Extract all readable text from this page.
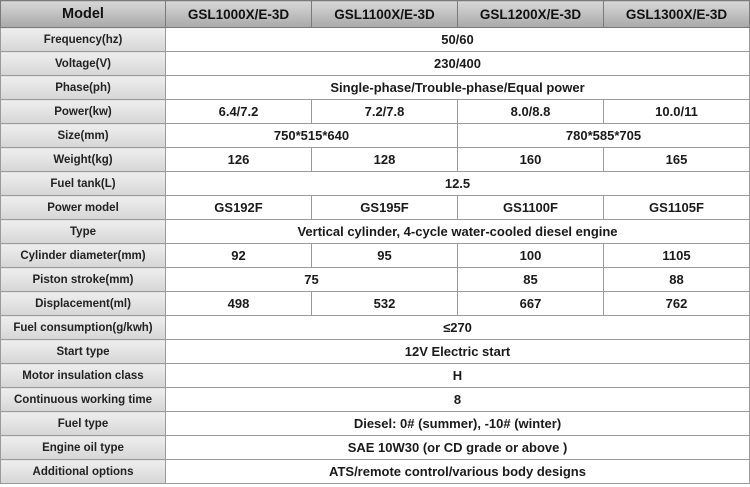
Model	GSL1000X/E-3D	GSL1100X/E-3D	GSL1200X/E-3D	GSL1300X/E-3D
Frequency(hz)	50/60			
Voltage(V)	230/400			
Phase(ph)	Single-phase/Trouble-phase/Equal power			
Power(kw)	6.4/7.2	7.2/7.8	8.0/8.8	10.0/11
Size(mm)	750*515*640		780*585*705	
Weight(kg)	126	128	160	165
Fuel tank(L)	12.5			
Power model	GS192F	GS195F	GS1100F	GS1105F
Type	Vertical cylinder, 4-cycle water-cooled diesel engine			
Cylinder diameter(mm)	92	95	100	1105
Piston stroke(mm)	75		85	88
Displacement(ml)	498	532	667	762
Fuel consumption(g/kwh)	≤270			
Start type	12V Electric start			
Motor insulation class	H			
Continuous working time	8			
Fuel type	Diesel: 0# (summer), -10# (winter)			
Engine oil type	SAE 10W30 (or CD grade or above )			
Additional options	ATS/remote control/various body designs			
